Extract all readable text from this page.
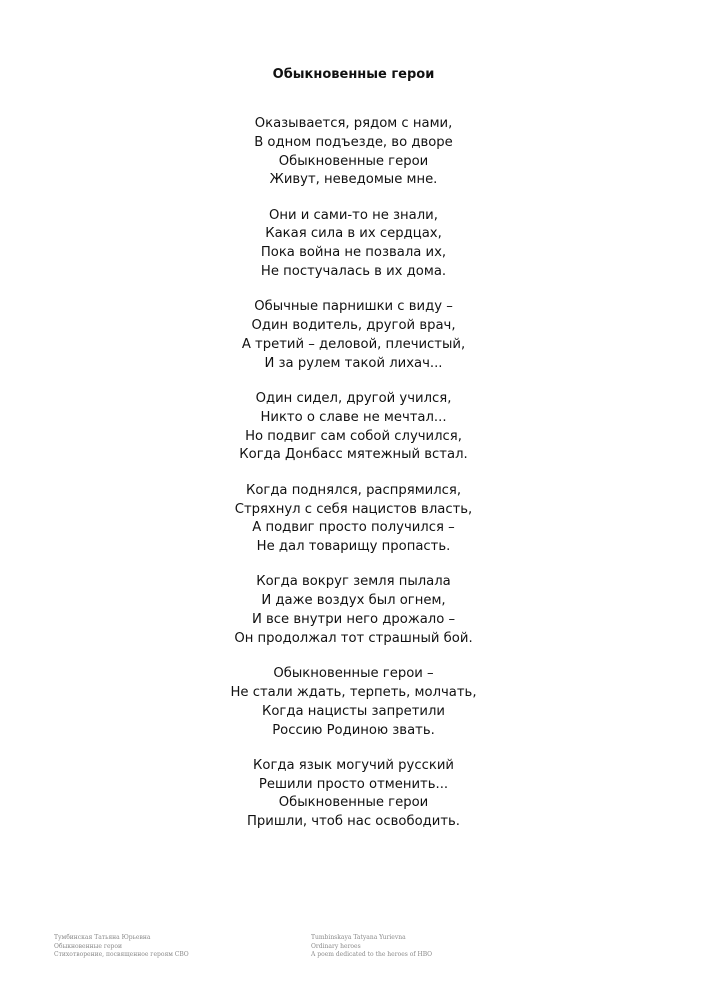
Обыкновенные герои
Оказывается, рядом с нами,
В одном подъезде, во дворе
Обыкновенные герои
Живут, неведомые мне.
Они и сами-то не знали,
Какая сила в их сердцах,
Пока война не позвала их,
Не постучалась в их дома.
Обычные парнишки с виду –
Один водитель, другой врач,
А третий – деловой, плечистый,
И за рулем такой лихач...
Один сидел, другой учился,
Никто о славе не мечтал...
Но подвиг сам собой случился,
Когда Донбасс мятежный встал.
Когда поднялся, распрямился,
Стряхнул с себя нацистов власть,
А подвиг просто получился –
Не дал товарищу пропасть.
Когда вокруг земля пылала
И даже воздух был огнем,
И все внутри него дрожало –
Он продолжал тот страшный бой.
Обыкновенные герои –
Не стали ждать, терпеть, молчать,
Когда нацисты запретили
Россию Родиною звать.
Когда язык могучий русский
Решили просто отменить...
Обыкновенные герои
Пришли, чтоб нас освободить.
Тумбинская Татьяна Юрьевна
Обыкновенные герои
Стихотворение, посвященное героям СВО
Tumbinskaya Tatyana Yurievna
Ordinary heroes
A poem dedicated to the heroes of НВО
